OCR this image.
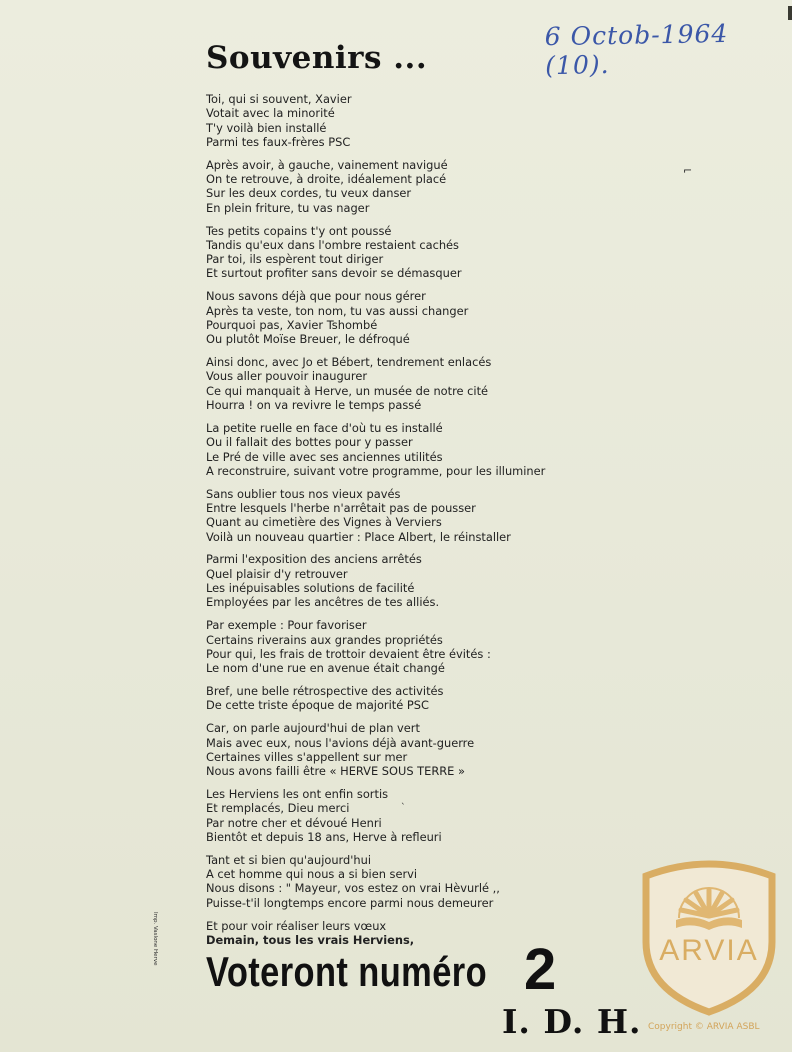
6 Octob-1964 (10).
Souvenirs ...
Toi, qui si souvent, Xavier
Votait avec la minorité
T'y voilà bien installé
Parmi tes faux-frères PSC
Après avoir, à gauche, vainement navigué
On te retrouve, à droite, idéalement placé
Sur les deux cordes, tu veux danser
En plein friture, tu vas nager
Tes petits copains t'y ont poussé
Tandis qu'eux dans l'ombre restaient cachés
Par toi, ils espèrent tout diriger
Et surtout profiter sans devoir se démasquer
Nous savons déjà que pour nous gérer
Après ta veste, ton nom, tu vas aussi changer
Pourquoi pas, Xavier Tshombé
Ou plutôt Moïse Breuer, le défroqué
Ainsi donc, avec Jo et Bébert, tendrement enlacés
Vous aller pouvoir inaugurer
Ce qui manquait à Herve, un musée de notre cité
Hourra ! on va revivre le temps passé
La petite ruelle en face d'où tu es installé
Ou il fallait des bottes pour y passer
Le Pré de ville avec ses anciennes utilités
A reconstruire, suivant votre programme, pour les illuminer
Sans oublier tous nos vieux pavés
Entre lesquels l'herbe n'arrêtait pas de pousser
Quant au cimetière des Vignes à Verviers
Voilà un nouveau quartier : Place Albert, le réinstaller
Parmi l'exposition des anciens arrêtés
Quel plaisir d'y retrouver
Les inépuisables solutions de facilité
Employées par les ancêtres de tes alliés.
Par exemple : Pour favoriser
Certains riverains aux grandes propriétés
Pour qui, les frais de trottoir devaient être évités :
Le nom d'une rue en avenue était changé
Bref, une belle rétrospective des activités
De cette triste époque de majorité PSC
Car, on parle aujourd'hui de plan vert
Mais avec eux, nous l'avions déjà avant-guerre
Certaines villes s'appellent sur mer
Nous avons failli être « HERVE SOUS TERRE »
Les Herviens les ont enfin sortis
Et remplacés, Dieu merci
Par notre cher et dévoué Henri
Bientôt et depuis 18 ans, Herve à refleuri
Tant et si bien qu'aujourd'hui
A cet homme qui nous a si bien servi
Nous disons : " Mayeur, vos estez on vrai Hèvurlé ,,
Puisse-t'il longtemps encore parmi nous demeurer
Et pour voir réaliser leurs vœux
Demain, tous les vrais Herviens,
⌐
ˋ
Imp. Vaslone Herve
Voteront numéro 2
I. D. H.
ARVIA
Copyright © ARVIA ASBL
